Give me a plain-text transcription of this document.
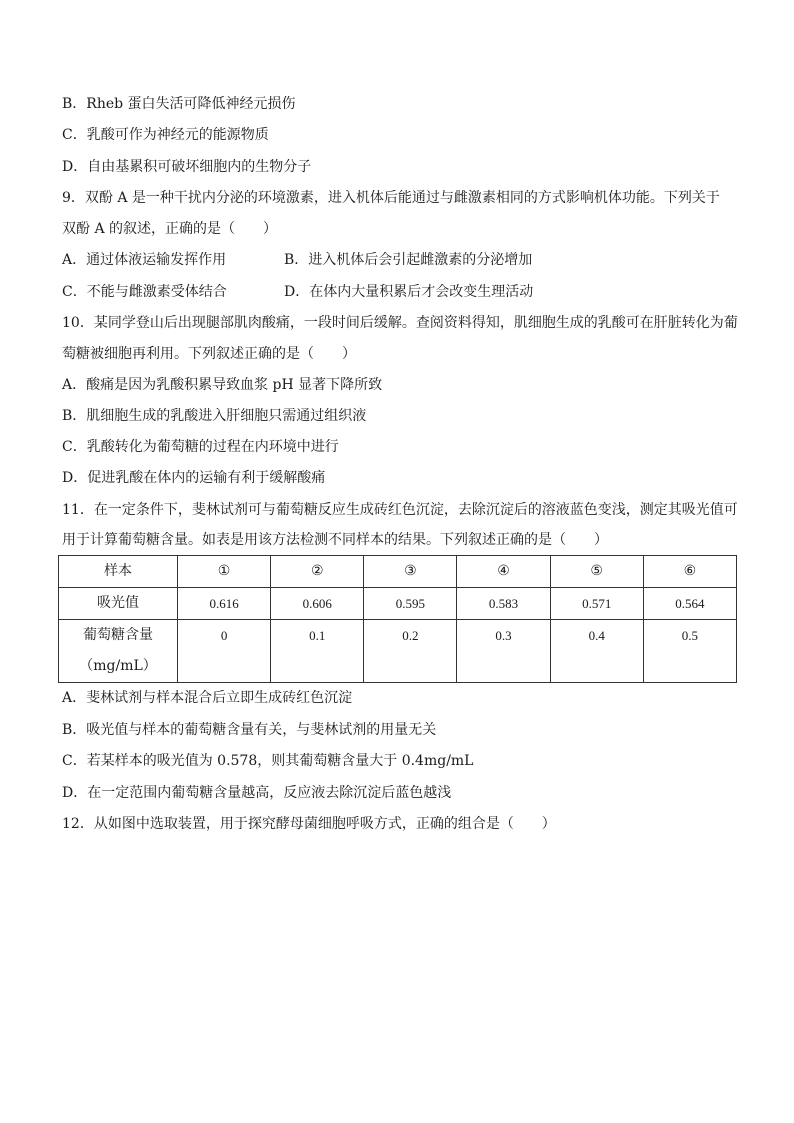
B．Rheb 蛋白失活可降低神经元损伤
C．乳酸可作为神经元的能源物质
D．自由基累积可破坏细胞内的生物分子
9．双酚 A 是一种干扰内分泌的环境激素，进入机体后能通过与雌激素相同的方式影响机体功能。下列关于
双酚 A 的叙述，正确的是（　　）
A．通过体液运输发挥作用	B．进入机体后会引起雌激素的分泌增加
C．不能与雌激素受体结合	D．在体内大量积累后才会改变生理活动
10．某同学登山后出现腿部肌肉酸痛，一段时间后缓解。查阅资料得知，肌细胞生成的乳酸可在肝脏转化为葡
萄糖被细胞再利用。下列叙述正确的是（　　）
A．酸痛是因为乳酸积累导致血浆 pH 显著下降所致
B．肌细胞生成的乳酸进入肝细胞只需通过组织液
C．乳酸转化为葡萄糖的过程在内环境中进行
D．促进乳酸在体内的运输有利于缓解酸痛
11．在一定条件下，斐林试剂可与葡萄糖反应生成砖红色沉淀，去除沉淀后的溶液蓝色变浅，测定其吸光值可
用于计算葡萄糖含量。如表是用该方法检测不同样本的结果。下列叙述正确的是（　　）
样本	①	②	③	④	⑤	⑥
吸光值	0.616	0.606	0.595	0.583	0.571	0.564

葡萄糖含量
（mg/mL）	0	0.1	0.2	0.3	0.4	0.5
A．斐林试剂与样本混合后立即生成砖红色沉淀
B．吸光值与样本的葡萄糖含量有关，与斐林试剂的用量无关
C．若某样本的吸光值为 0.578，则其葡萄糖含量大于 0.4mg/mL
D．在一定范围内葡萄糖含量越高，反应液去除沉淀后蓝色越浅
12．从如图中选取装置，用于探究酵母菌细胞呼吸方式，正确的组合是（　　）
